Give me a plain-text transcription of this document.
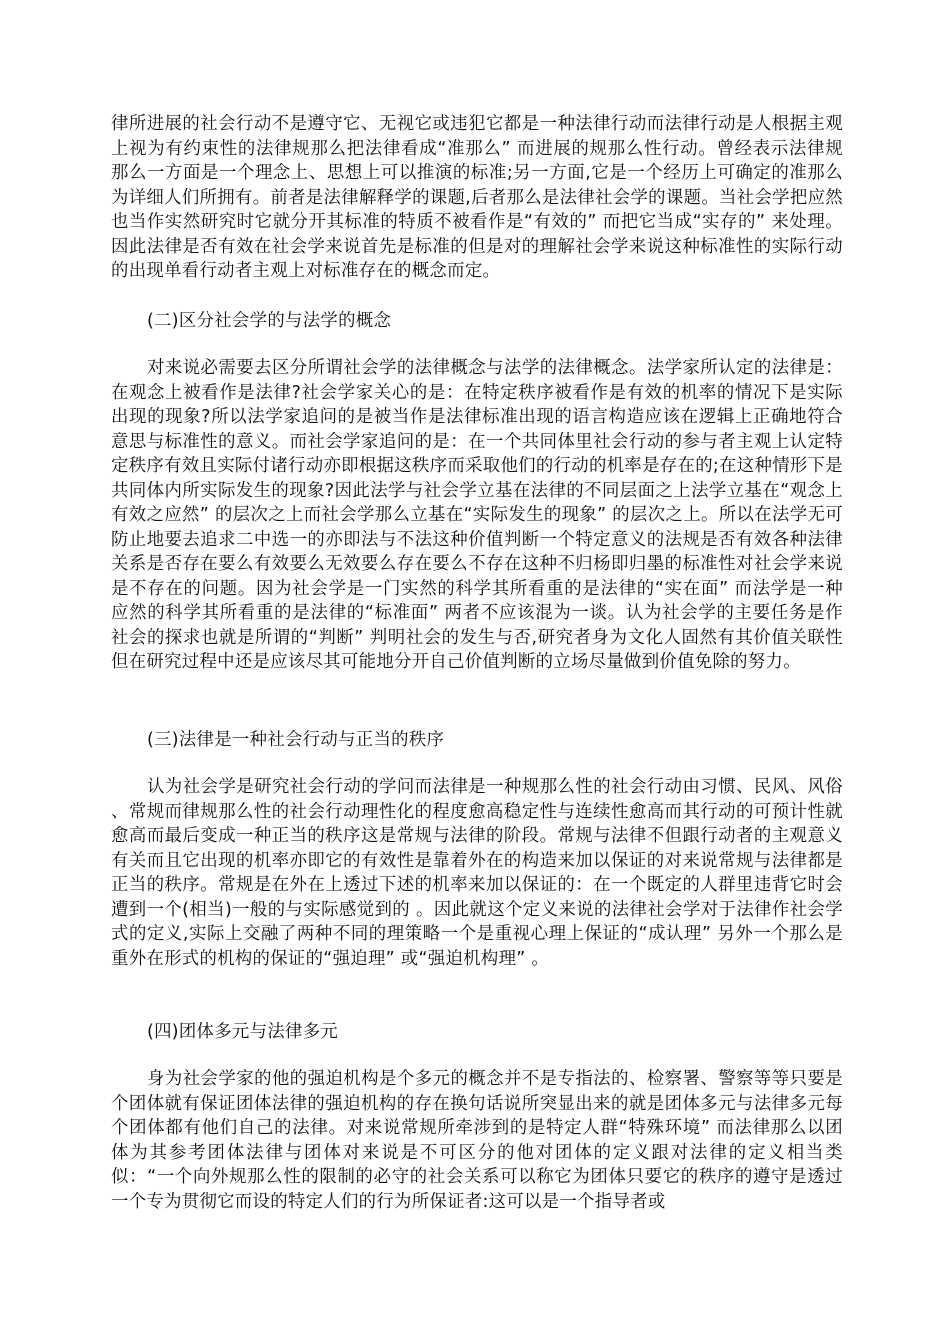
律所进展的社会行动不是遵守它、无视它或违犯它都是一种法律行动而法律行动是人根据主观上视为有约束性的法律规那么把法律看成“准那么” 而进展的规那么性行动。曾经表示法律规那么一方面是一个理念上、思想上可以推演的标准;另一方面,它是一个经历上可确定的准那么为详细人们所拥有。前者是法律解释学的课题,后者那么是法律社会学的课题。当社会学把应然也当作实然研究时它就分开其标准的特质不被看作是“有效的” 而把它当成“实存的” 来处理。因此法律是否有效在社会学来说首先是标准的但是对的理解社会学来说这种标准性的实际行动的出现单看行动者主观上对标准存在的概念而定。

(二)区分社会学的与法学的概念

对来说必需要去区分所谓社会学的法律概念与法学的法律概念。法学家所认定的法律是：在观念上被看作是法律?社会学家关心的是：在特定秩序被看作是有效的机率的情况下是实际出现的现象?所以法学家追问的是被当作是法律标准出现的语言构造应该在逻辑上正确地符合意思与标准性的意义。而社会学家追问的是：在一个共同体里社会行动的参与者主观上认定特定秩序有效且实际付诸行动亦即根据这秩序而采取他们的行动的机率是存在的;在这种情形下是共同体内所实际发生的现象?因此法学与社会学立基在法律的不同层面之上法学立基在“观念上有效之应然” 的层次之上而社会学那么立基在“实际发生的现象” 的层次之上。所以在法学无可防止地要去追求二中选一的亦即法与不法这种价值判断一个特定意义的法规是否有效各种法律关系是否存在要么有效要么无效要么存在要么不存在这种不归杨即归墨的标准性对社会学来说是不存在的问题。因为社会学是一门实然的科学其所看重的是法律的“实在面” 而法学是一种应然的科学其所看重的是法律的“标准面” 两者不应该混为一谈。认为社会学的主要任务是作社会的探求也就是所谓的“判断” 判明社会的发生与否,研究者身为文化人固然有其价值关联性但在研究过程中还是应该尽其可能地分开自己价值判断的立场尽量做到价值免除的努力。

(三)法律是一种社会行动与正当的秩序

认为社会学是研究社会行动的学问而法律是一种规那么性的社会行动由习惯、民风、风俗 、常规而律规那么性的社会行动理性化的程度愈高稳定性与连续性愈高而其行动的可预计性就愈高而最后变成一种正当的秩序这是常规与法律的阶段。常规与法律不但跟行动者的主观意义有关而且它出现的机率亦即它的有效性是靠着外在的构造来加以保证的对来说常规与法律都是正当的秩序。常规是在外在上透过下述的机率来加以保证的：在一个既定的人群里违背它时会遭到一个(相当)一般的与实际感觉到的 。因此就这个定义来说的法律社会学对于法律作社会学式的定义,实际上交融了两种不同的理策略一个是重视心理上保证的“成认理” 另外一个那么是重外在形式的机构的保证的“强迫理” 或“强迫机构理” 。

(四)团体多元与法律多元

身为社会学家的他的强迫机构是个多元的概念并不是专指法的、检察署、警察等等只要是个团体就有保证团体法律的强迫机构的存在换句话说所突显出来的就是团体多元与法律多元每个团体都有他们自己的法律。对来说常规所牵涉到的是特定人群“特殊环境” 而法律那么以团体为其参考团体法律与团体对来说是不可区分的他对团体的定义跟对法律的定义相当类似：“一个向外规那么性的限制的必守的社会关系可以称它为团体只要它的秩序的遵守是透过一个专为贯彻它而设的特定人们的行为所保证者:这可以是一个指导者或
